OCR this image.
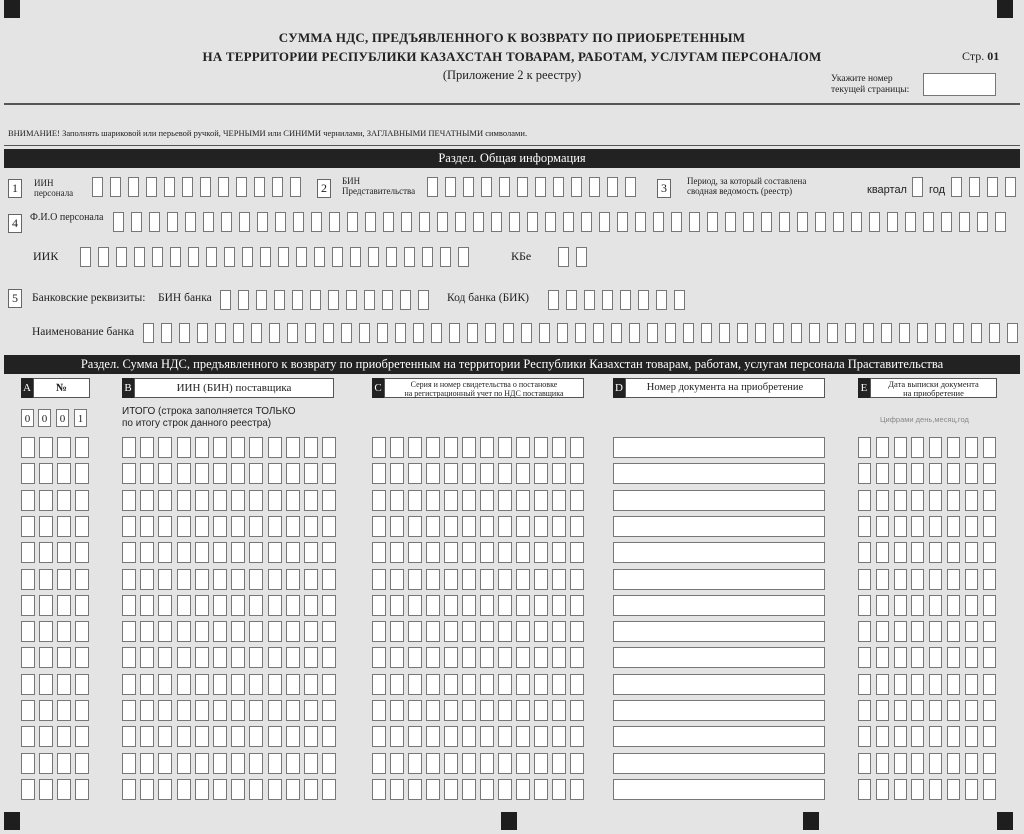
СУММА НДС, ПРЕДЪЯВЛЕННОГО К ВОЗВРАТУ ПО ПРИОБРЕТЕННЫМ
НА ТЕРРИТОРИИ РЕСПУБЛИКИ КАЗАХСТАН ТОВАРАМ, РАБОТАМ, УСЛУГАМ ПЕРСОНАЛОМ
(Приложение 2 к реестру)
Стр. 01
Укажите номер
текущей страницы:
ВНИМАНИЕ! Заполнять шариковой или перьевой ручкой, ЧЕРНЫМИ или СИНИМИ чернилами, ЗАГЛАВНЫМИ ПЕЧАТНЫМИ символами.
Раздел. Общая информация
1	ИИН
персонала	2	БИН
Представительства	3	Период, за который составлена
сводная ведомость (реестр)	квартал год
4	Ф.И.О персонала
ИИК	КБе
5	Банковские реквизиты: БИН банка	Код банка (БИК)
Наименование банка
Раздел. Сумма НДС, предъявленного к возврату по приобретенным на территории Республики Казахстан товарам, работам, услугам персонала Праставительства
A	№	B	ИИН (БИН) поставщика	C	Серия и номер свидетельства о постановке
на регистрационный учет по НДС поставщика	D	Номер документа на приобретение	E	Дата выписки документа
на приобретение
0	0	0	1
ИТОГО (строка заполняется ТОЛЬКО
по итогу строк данного реестра)	Цифрами день,месяц,год
